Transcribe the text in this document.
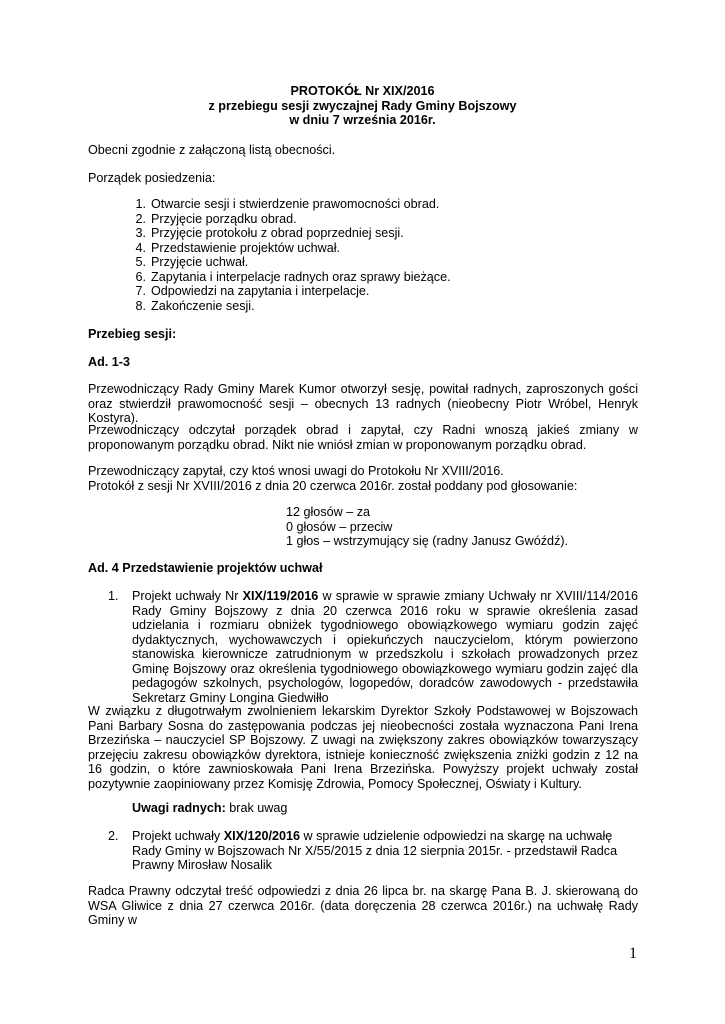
PROTOKÓŁ Nr XIX/2016
z przebiegu sesji zwyczajnej Rady Gminy Bojszowy
w dniu 7 września 2016r.
Obecni zgodnie z załączoną listą obecności.
Porządek posiedzenia:
1. Otwarcie sesji i stwierdzenie prawomocności obrad.
2. Przyjęcie porządku obrad.
3. Przyjęcie protokołu z obrad poprzedniej sesji.
4. Przedstawienie projektów uchwał.
5. Przyjęcie uchwał.
6. Zapytania i interpelacje radnych oraz sprawy bieżące.
7. Odpowiedzi na zapytania i interpelacje.
8. Zakończenie sesji.
Przebieg sesji:
Ad. 1-3
Przewodniczący Rady Gminy Marek Kumor otworzył sesję, powitał radnych, zaproszonych gości oraz stwierdził prawomocność sesji – obecnych 13 radnych (nieobecny Piotr Wróbel, Henryk Kostyra).
Przewodniczący odczytał porządek obrad i zapytał, czy Radni wnoszą jakieś zmiany w proponowanym porządku obrad. Nikt nie wniósł zmian w proponowanym porządku obrad.
Przewodniczący zapytał, czy ktoś wnosi uwagi do Protokołu Nr XVIII/2016.
Protokół z sesji Nr XVIII/2016 z dnia 20 czerwca 2016r. został poddany pod głosowanie:
12 głosów – za
0 głosów – przeciw
1 głos – wstrzymujący się (radny Janusz Gwóźdź).
Ad. 4 Przedstawienie projektów uchwał
1. Projekt uchwały Nr XIX/119/2016 w sprawie w sprawie zmiany Uchwały nr XVIII/114/2016 Rady Gminy Bojszowy z dnia 20 czerwca 2016 roku w sprawie określenia zasad udzielania i rozmiaru obniżek tygodniowego obowiązkowego wymiaru godzin zajęć dydaktycznych, wychowawczych i opiekuńczych nauczycielom, którym powierzono stanowiska kierownicze zatrudnionym w przedszkolu i szkołach prowadzonych przez Gminę Bojszowy oraz określenia tygodniowego obowiązkowego wymiaru godzin zajęć dla pedagogów szkolnych, psychologów, logopedów, doradców zawodowych - przedstawiła Sekretarz Gminy Longina Giedwiłło
W związku z długotrwałym zwolnieniem lekarskim Dyrektor Szkoły Podstawowej w Bojszowach Pani Barbary Sosna do zastępowania podczas jej nieobecności została wyznaczona Pani Irena Brzezińska – nauczyciel SP Bojszowy. Z uwagi na zwiększony zakres obowiązków towarzyszący przejęciu zakresu obowiązków dyrektora, istnieje konieczność zwiększenia zniżki godzin z 12 na 16 godzin, o które zawnioskowała Pani Irena Brzezińska. Powyższy projekt uchwały został pozytywnie zaopiniowany przez Komisję Zdrowia, Pomocy Społecznej, Oświaty i Kultury.
Uwagi radnych: brak uwag
2. Projekt uchwały XIX/120/2016 w sprawie udzielenie odpowiedzi na skargę na uchwałę Rady Gminy w Bojszowach Nr X/55/2015 z dnia 12 sierpnia 2015r. - przedstawił Radca Prawny Mirosław Nosalik
Radca Prawny odczytał treść odpowiedzi z dnia 26 lipca br. na skargę Pana B. J. skierowaną do WSA Gliwice z dnia 27 czerwca 2016r. (data doręczenia 28 czerwca 2016r.) na uchwałę Rady Gminy w
1
